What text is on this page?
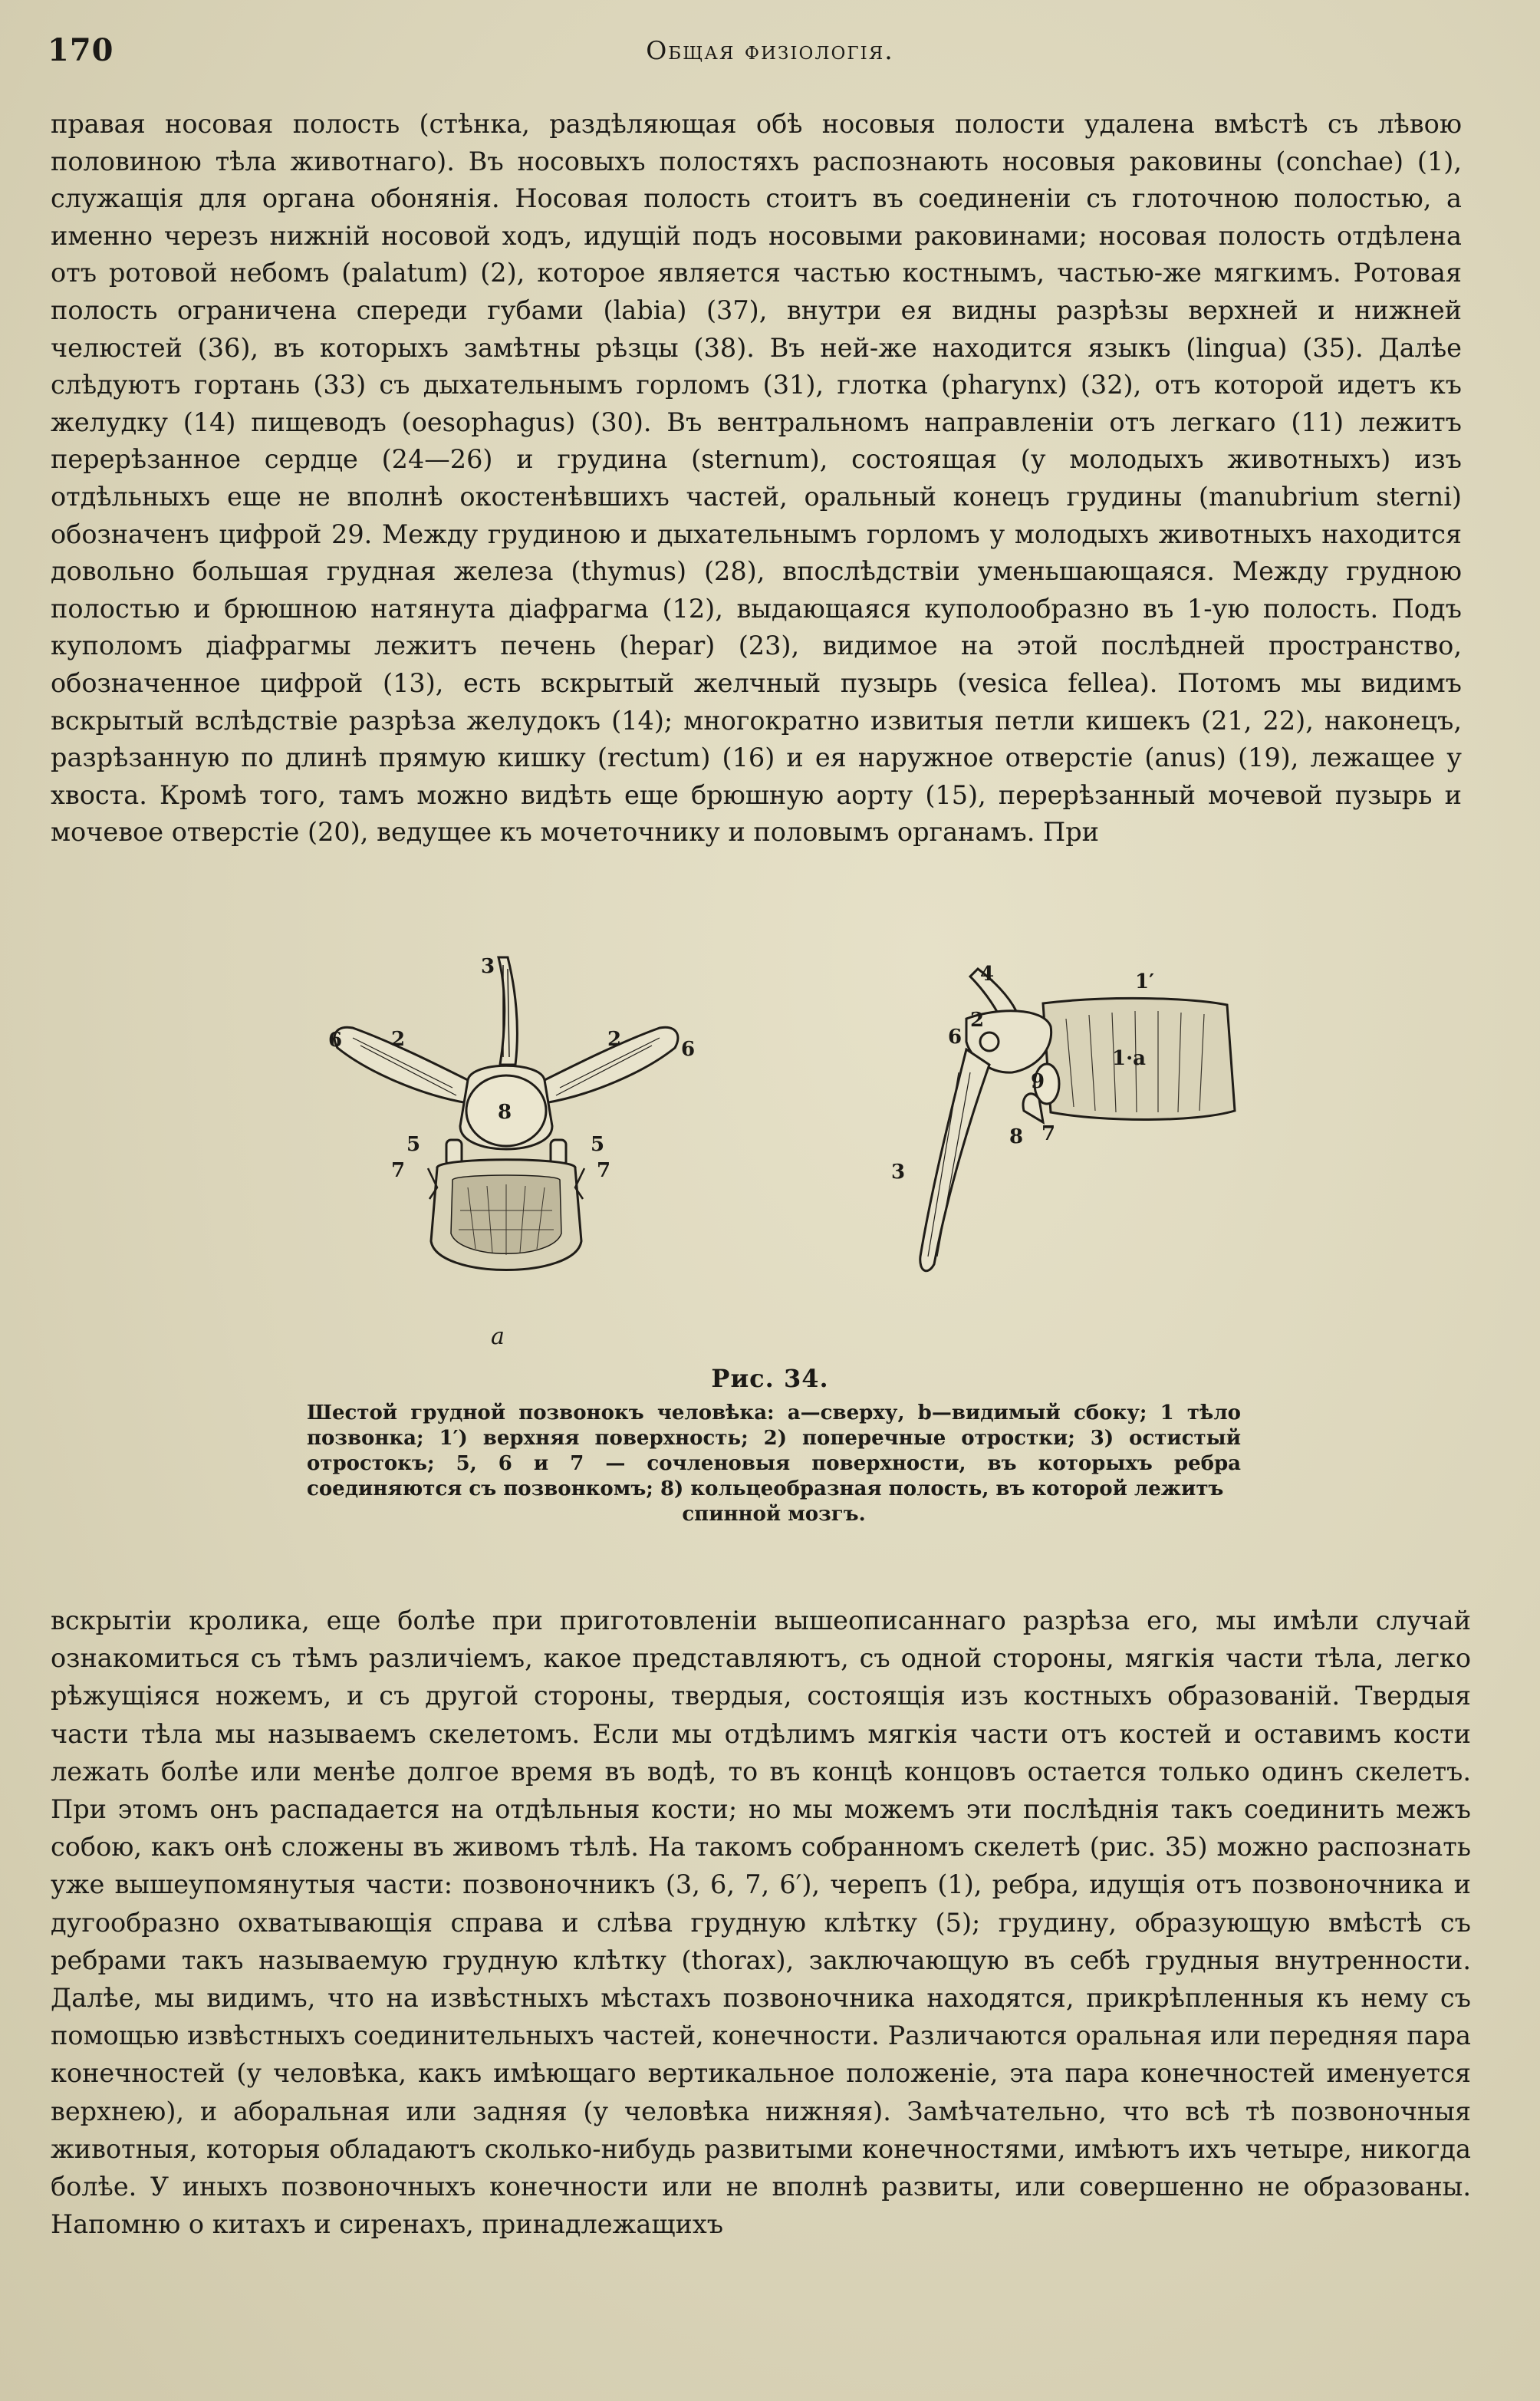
170	Общая физiологiя.

правая носовая полость (стѣнка, раздѣляющая обѣ носовыя полости удалена вмѣстѣ съ лѣвою половиною тѣла животнаго). Въ носовыхъ полостяхъ распознають носовыя раковины (conchae) (1), служащiя для органа обонянiя. Носовая полость стоитъ въ соединенiи съ глоточною полостью, а именно черезъ нижнiй носовой ходъ, идущiй подъ носовыми раковинами; носовая полость отдѣлена отъ ротовой небомъ (palatum) (2), которое является частью костнымъ, частью-же мягкимъ. Ротовая полость ограничена спереди губами (labia) (37), внутри ея видны разрѣзы верхней и нижней челюстей (36), въ которыхъ замѣтны рѣзцы (38). Въ ней-же находится языкъ (lingua) (35). Далѣе слѣдуютъ гортань (33) съ дыхательнымъ горломъ (31), глотка (pharynx) (32), отъ которой идетъ къ желудку (14) пищеводъ (oesophagus) (30). Въ вентральномъ направленiи отъ легкаго (11) лежитъ перерѣзанное сердце (24—26) и грудина (sternum), состоящая (у молодыхъ животныхъ) изъ отдѣльныхъ еще не вполнѣ окостенѣвшихъ частей, оральный конецъ грудины (manubrium sterni) обозначенъ цифрой 29. Между грудиною и дыхательнымъ горломъ у молодыхъ животныхъ находится довольно большая грудная железа (thymus) (28), впослѣдствiи уменьшающаяся. Между грудною полостью и брюшною натянута дiафрагма (12), выдающаяся куполообразно въ 1-ую полость. Подъ куполомъ дiафрагмы лежитъ печень (hepar) (23), видимое на этой послѣдней пространство, обозначенное цифрой (13), есть вскрытый желчный пузырь (vesica fellea). Потомъ мы видимъ вскрытый вслѣдствiе разрѣза желудокъ (14); многократно извитыя петли кишекъ (21, 22), наконецъ, разрѣзанную по длинѣ прямую кишку (rectum) (16) и ея наружное отверстiе (anus) (19), лежащее у хвоста. Кромѣ того, тамъ можно видѣть еще брюшную аорту (15), перерѣзанный мочевой пузырь и мочевое отверстiе (20), ведущее къ мочеточнику и половымъ органамъ. При

3
2	2
6	6
8
5	5
7	7
4	1′
2
6
1·a
9
8 7
3
a
Рис. 34.
Шестой грудной позвонокъ человѣка: a—сверху, b—видимый сбоку; 1 тѣло позвонка; 1′) верхняя поверхность; 2) поперечные отростки; 3) остистый отростокъ; 5, 6 и 7 — сочленовыя поверхности, въ которыхъ ребра соединяются съ позвонкомъ; 8) кольцеобразная полость, въ которой лежитъ
спинной мозгъ.

вскрытiи кролика, еще болѣе при приготовленiи вышеописаннаго разрѣза его, мы имѣли случай ознакомиться съ тѣмъ различiемъ, какое представляютъ, съ одной стороны, мягкiя части тѣла, легко рѣжущiяся ножемъ, и съ другой стороны, твердыя, состоящiя изъ костныхъ образованiй. Твердыя части тѣла мы называемъ скелетомъ. Если мы отдѣлимъ мягкiя части отъ костей и оставимъ кости лежать болѣе или менѣе долгое время въ водѣ, то въ концѣ концовъ остается только одинъ скелетъ. При этомъ онъ распадается на отдѣльныя кости; но мы можемъ эти послѣднiя такъ соединить межъ собою, какъ онѣ сложены въ живомъ тѣлѣ. На такомъ собранномъ скелетѣ (рис. 35) можно распознать уже вышеупомянутыя части: позвоночникъ (3, 6, 7, 6′), черепъ (1), ребра, идущiя отъ позвоночника и дугообразно охватывающiя справа и слѣва грудную клѣтку (5); грудину, образующую вмѣстѣ съ ребрами такъ называемую грудную клѣтку (thorax), заключающую въ себѣ грудныя внутренности. Далѣе, мы видимъ, что на извѣстныхъ мѣстахъ позвоночника находятся, прикрѣпленныя къ нему съ помощью извѣстныхъ соединительныхъ частей, конечности. Различаются оральная или передняя пара конечностей (у человѣка, какъ имѣющаго вертикальное положенiе, эта пара конечностей именуется верхнею), и аборальная или задняя (у человѣка нижняя). Замѣчательно, что всѣ тѣ позвоночныя животныя, которыя обладаютъ сколько-нибудь развитыми конечностями, имѣютъ ихъ четыре, никогда болѣе. У иныхъ позвоночныхъ конечности или не вполнѣ развиты, или совершенно не образованы. Напомню о китахъ и сиренахъ, принадлежащихъ
